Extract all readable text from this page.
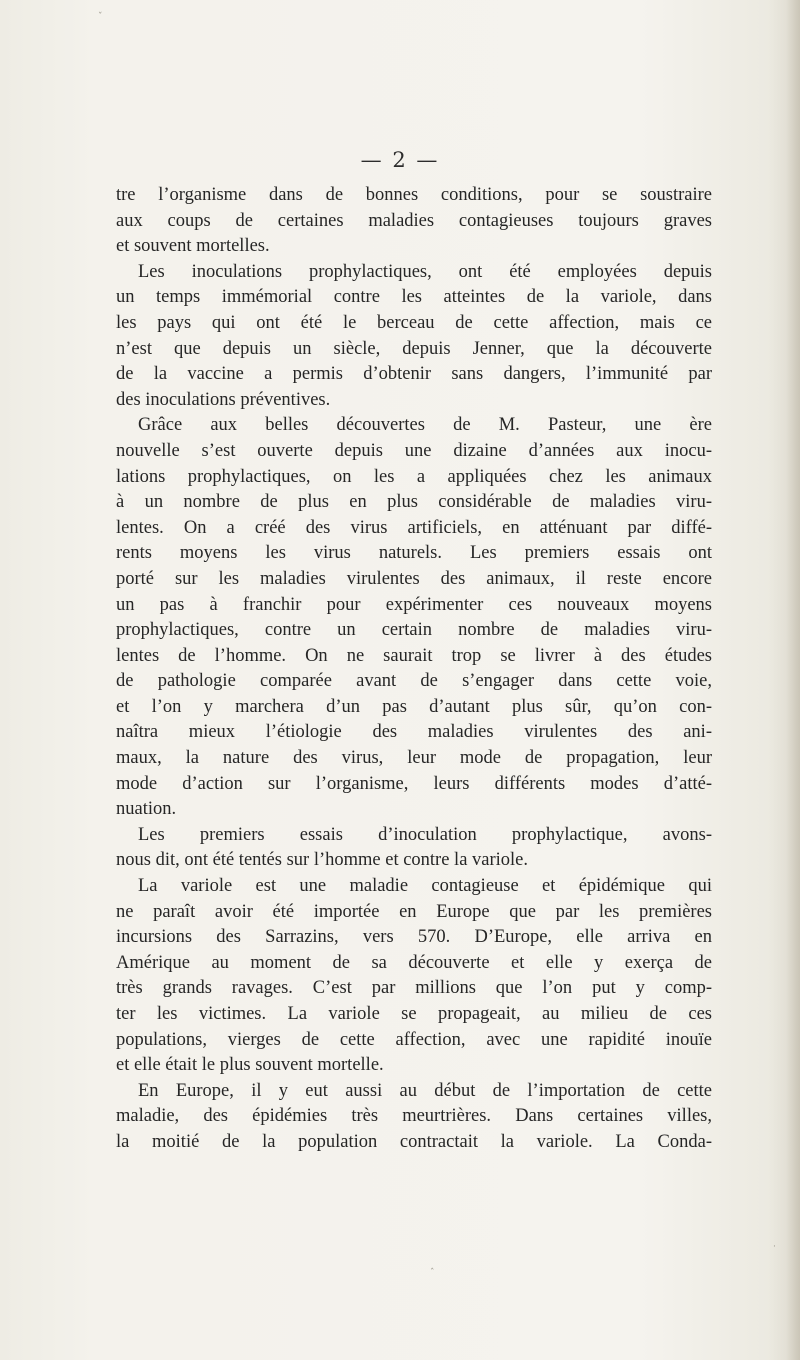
— 2 —
tre l’organisme dans de bonnes conditions, pour se soustraire
aux coups de certaines maladies contagieuses toujours graves
et souvent mortelles.
Les inoculations prophylactiques, ont été employées depuis
un temps immémorial contre les atteintes de la variole, dans
les pays qui ont été le berceau de cette affection, mais ce
n’est que depuis un siècle, depuis Jenner, que la découverte
de la vaccine a permis d’obtenir sans dangers, l’immunité par
des inoculations préventives.
Grâce aux belles découvertes de M. Pasteur, une ère
nouvelle s’est ouverte depuis une dizaine d’années aux inocu-
lations prophylactiques, on les a appliquées chez les animaux
à un nombre de plus en plus considérable de maladies viru-
lentes. On a créé des virus artificiels, en atténuant par diffé-
rents moyens les virus naturels. Les premiers essais ont
porté sur les maladies virulentes des animaux, il reste encore
un pas à franchir pour expérimenter ces nouveaux moyens
prophylactiques, contre un certain nombre de maladies viru-
lentes de l’homme. On ne saurait trop se livrer à des études
de pathologie comparée avant de s’engager dans cette voie,
et l’on y marchera d’un pas d’autant plus sûr, qu’on con-
naîtra mieux l’étiologie des maladies virulentes des ani-
maux, la nature des virus, leur mode de propagation, leur
mode d’action sur l’organisme, leurs différents modes d’atté-
nuation.
Les premiers essais d’inoculation prophylactique, avons-
nous dit, ont été tentés sur l’homme et contre la variole.
La variole est une maladie contagieuse et épidémique qui
ne paraît avoir été importée en Europe que par les premières
incursions des Sarrazins, vers 570. D’Europe, elle arriva en
Amérique au moment de sa découverte et elle y exerça de
très grands ravages. C’est par millions que l’on put y comp-
ter les victimes. La variole se propageait, au milieu de ces
populations, vierges de cette affection, avec une rapidité inouïe
et elle était le plus souvent mortelle.
En Europe, il y eut aussi au début de l’importation de cette
maladie, des épidémies très meurtrières. Dans certaines villes,
la moitié de la population contractait la variole. La Conda-
ˇ
·
ˆ
